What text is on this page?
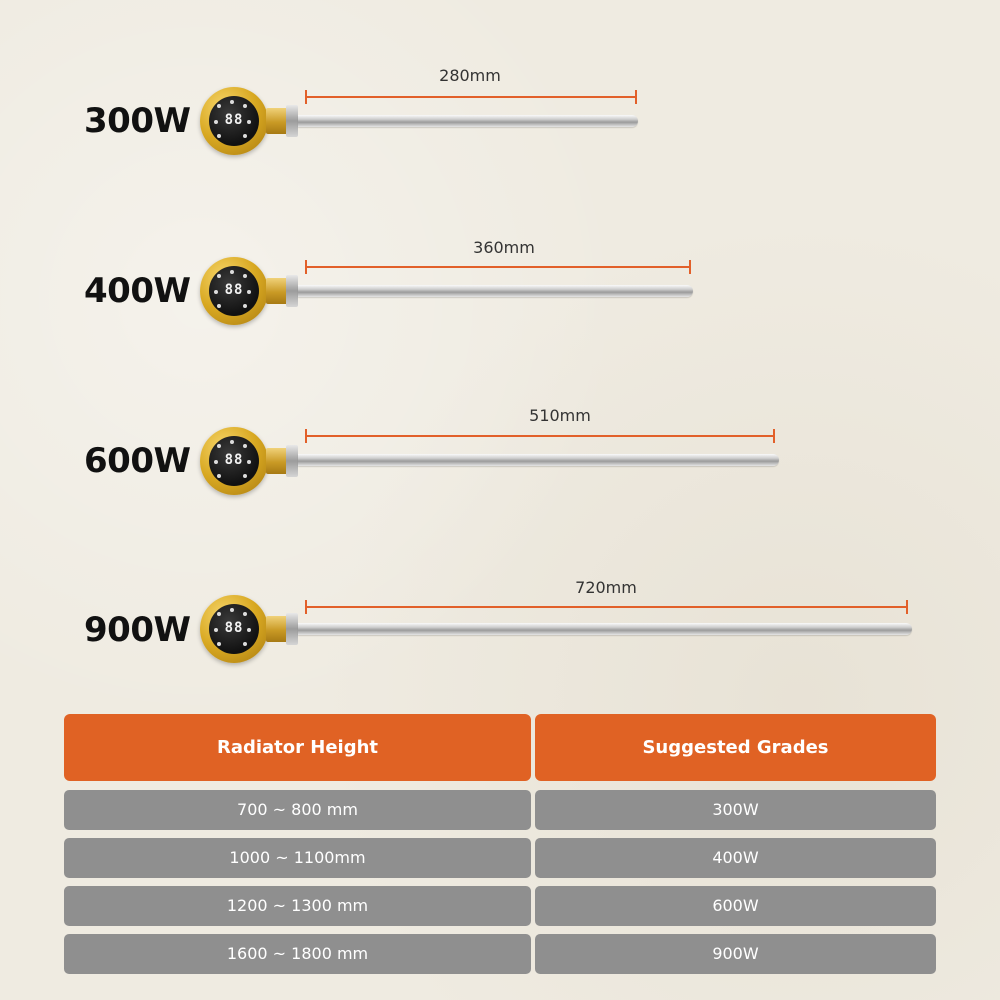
280mm
300W	88
360mm
400W	88
510mm
600W	88
720mm
900W	88
Radiator Height	Suggested Grades
700 ~ 800 mm	300W
1000 ~ 1100mm	400W
1200 ~ 1300 mm	600W
1600 ~ 1800 mm	900W
